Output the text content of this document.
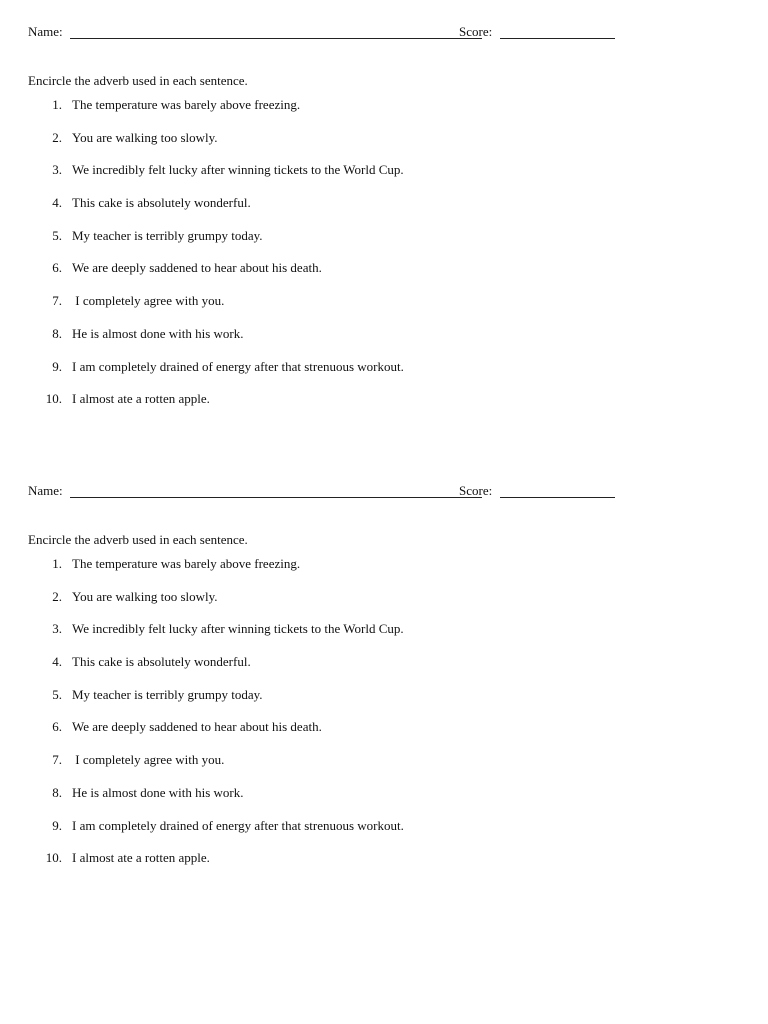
Name:	Score:
Encircle the adverb used in each sentence.
1. The temperature was barely above freezing.
2. You are walking too slowly.
3. We incredibly felt lucky after winning tickets to the World Cup.
4. This cake is absolutely wonderful.
5. My teacher is terribly grumpy today.
6. We are deeply saddened to hear about his death.
7. I completely agree with you.
8. He is almost done with his work.
9. I am completely drained of energy after that strenuous workout.
10. I almost ate a rotten apple.
Name:	Score:
Encircle the adverb used in each sentence.
1. The temperature was barely above freezing.
2. You are walking too slowly.
3. We incredibly felt lucky after winning tickets to the World Cup.
4. This cake is absolutely wonderful.
5. My teacher is terribly grumpy today.
6. We are deeply saddened to hear about his death.
7. I completely agree with you.
8. He is almost done with his work.
9. I am completely drained of energy after that strenuous workout.
10. I almost ate a rotten apple.
